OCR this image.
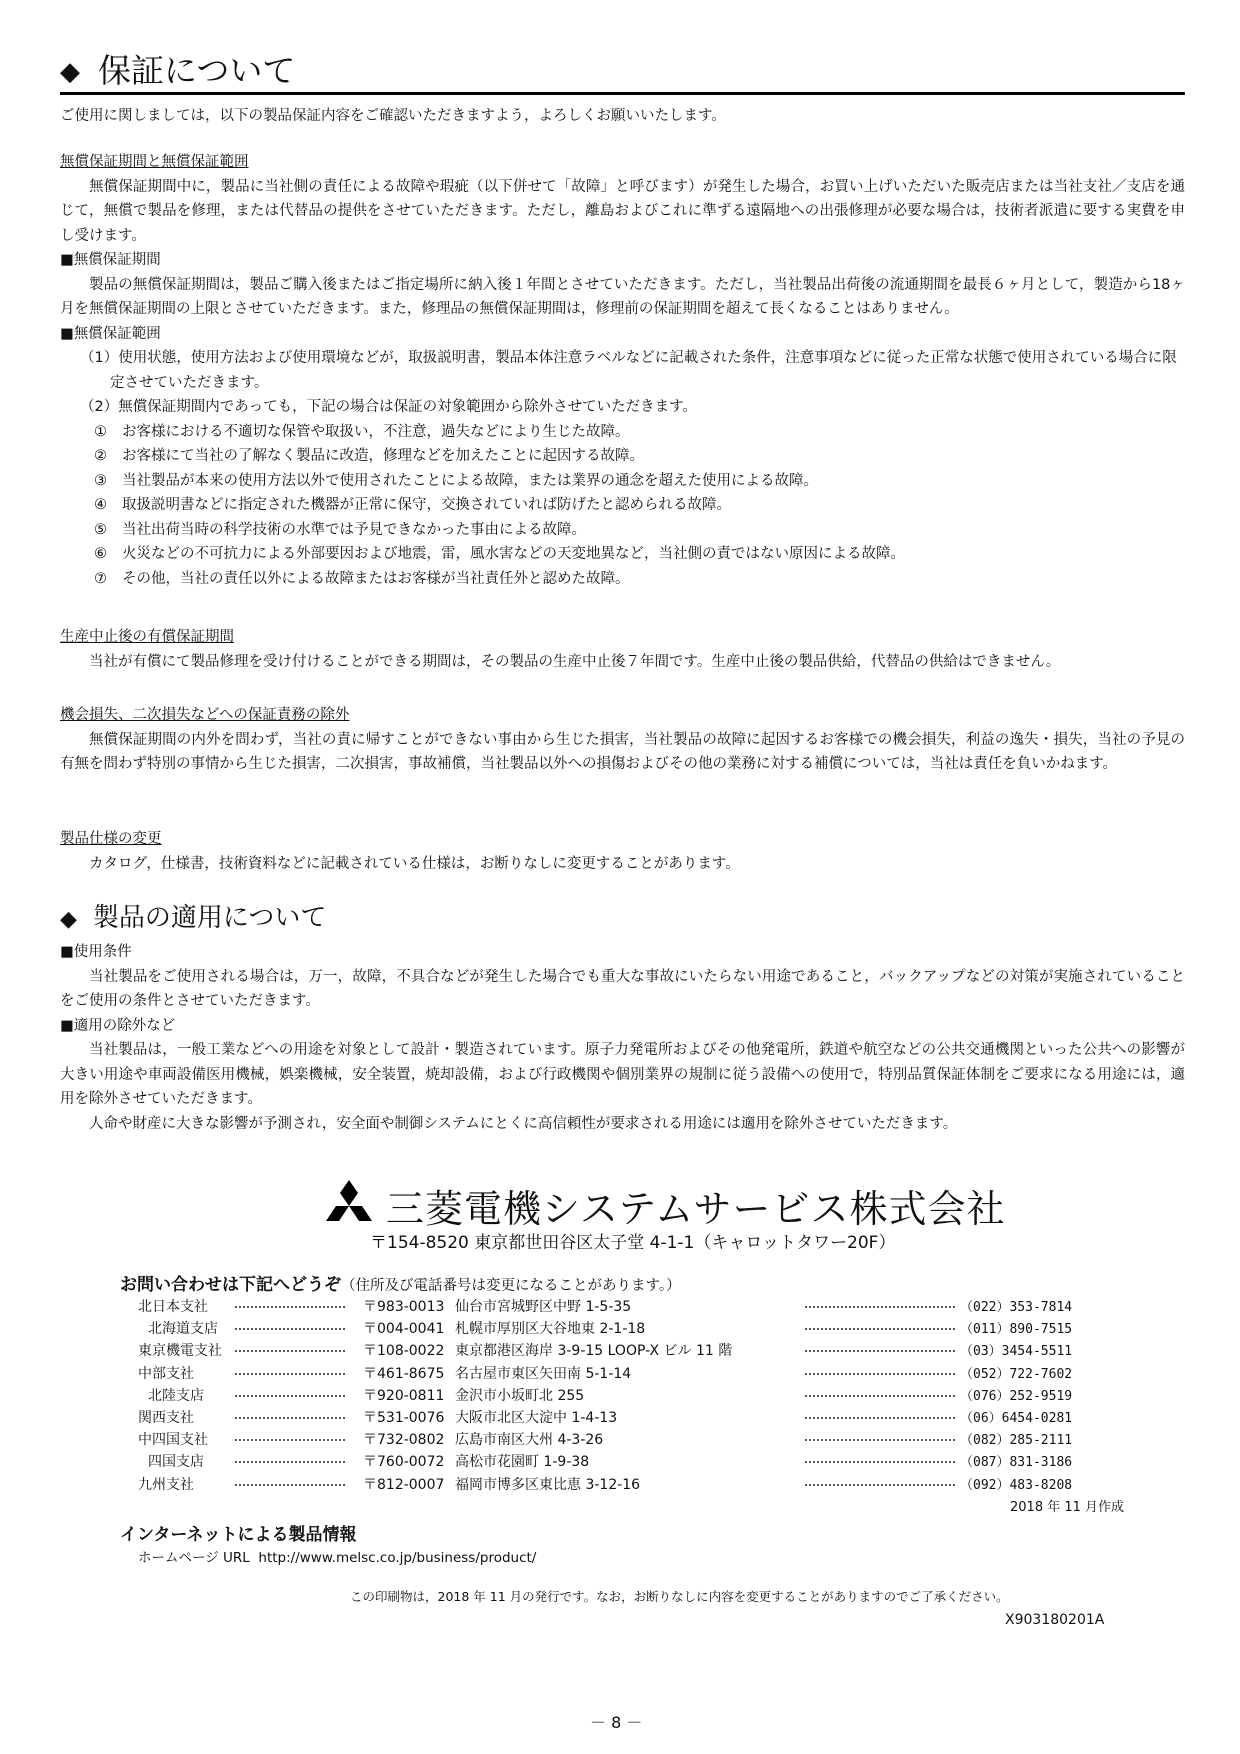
◆ 保証について
ご使用に関しましては，以下の製品保証内容をご確認いただきますよう，よろしくお願いいたします。
無償保証期間と無償保証範囲
無償保証期間中に，製品に当社側の責任による故障や瑕疵（以下併せて「故障」と呼びます）が発生した場合，お買い上げいただいた販売店または当社支社／支店を通じて，無償で製品を修理，または代替品の提供をさせていただきます。ただし，離島およびこれに準ずる遠隔地への出張修理が必要な場合は，技術者派遣に要する実費を申し受けます。
■無償保証期間
製品の無償保証期間は，製品ご購入後またはご指定場所に納入後１年間とさせていただきます。ただし，当社製品出荷後の流通期間を最長６ヶ月として，製造から18ヶ月を無償保証期間の上限とさせていただきます。また，修理品の無償保証期間は，修理前の保証期間を超えて長くなることはありません。
■無償保証範囲
（1）使用状態，使用方法および使用環境などが，取扱説明書，製品本体注意ラベルなどに記載された条件，注意事項などに従った正常な状態で使用されている場合に限定させていただきます。
（2）無償保証期間内であっても，下記の場合は保証の対象範囲から除外させていただきます。
① お客様における不適切な保管や取扱い，不注意，過失などにより生じた故障。
② お客様にて当社の了解なく製品に改造，修理などを加えたことに起因する故障。
③ 当社製品が本来の使用方法以外で使用されたことによる故障，または業界の通念を超えた使用による故障。
④ 取扱説明書などに指定された機器が正常に保守，交換されていれば防げたと認められる故障。
⑤ 当社出荷当時の科学技術の水準では予見できなかった事由による故障。
⑥ 火災などの不可抗力による外部要因および地震，雷，風水害などの天変地異など，当社側の責ではない原因による故障。
⑦ その他，当社の責任以外による故障またはお客様が当社責任外と認めた故障。
生産中止後の有償保証期間
当社が有償にて製品修理を受け付けることができる期間は，その製品の生産中止後７年間です。生産中止後の製品供給，代替品の供給はできません。
機会損失、二次損失などへの保証責務の除外
無償保証期間の内外を問わず，当社の責に帰すことができない事由から生じた損害，当社製品の故障に起因するお客様での機会損失，利益の逸失・損失，当社の予見の有無を問わず特別の事情から生じた損害，二次損害，事故補償，当社製品以外への損傷およびその他の業務に対する補償については，当社は責任を負いかねます。
製品仕様の変更
カタログ，仕様書，技術資料などに記載されている仕様は，お断りなしに変更することがあります。
◆ 製品の適用について
■使用条件
当社製品をご使用される場合は，万一，故障，不具合などが発生した場合でも重大な事故にいたらない用途であること，バックアップなどの対策が実施されていることをご使用の条件とさせていただきます。
■適用の除外など
当社製品は，一般工業などへの用途を対象として設計・製造されています。原子力発電所およびその他発電所，鉄道や航空などの公共交通機関といった公共への影響が大きい用途や車両設備医用機械，娯楽機械，安全装置，焼却設備，および行政機関や個別業界の規制に従う設備への使用で，特別品質保証体制をご要求になる用途には，適用を除外させていただきます。
人命や財産に大きな影響が予測され，安全面や制御システムにとくに高信頼性が要求される用途には適用を除外させていただきます。
三菱電機システムサービス株式会社
〒154-8520 東京都世田谷区太子堂 4-1-1（キャロットタワー20F）
お問い合わせは下記へどうぞ（住所及び電話番号は変更になることがあります。）
北日本支社	〒983-0013 仙台市宮城野区中野 1-5-35	（022）353-7814
北海道支店	〒004-0041 札幌市厚別区大谷地東 2-1-18	（011）890-7515
東京機電支社	〒108-0022 東京都港区海岸 3-9-15 LOOP-X ビル 11 階	（03）3454-5511
中部支社	〒461-8675 名古屋市東区矢田南 5-1-14	（052）722-7602
北陸支店	〒920-0811 金沢市小坂町北 255	（076）252-9519
関西支社	〒531-0076 大阪市北区大淀中 1-4-13	（06）6454-0281
中四国支社	〒732-0802 広島市南区大州 4-3-26	（082）285-2111
四国支店	〒760-0072 高松市花園町 1-9-38	（087）831-3186
九州支社	〒812-0007 福岡市博多区東比恵 3-12-16	（092）483-8208
2018 年 11 月作成
インターネットによる製品情報
ホームページ URL http://www.melsc.co.jp/business/product/
この印刷物は，2018 年 11 月の発行です。なお，お断りなしに内容を変更することがありますのでご了承ください。
X903180201A
－ 8 －
